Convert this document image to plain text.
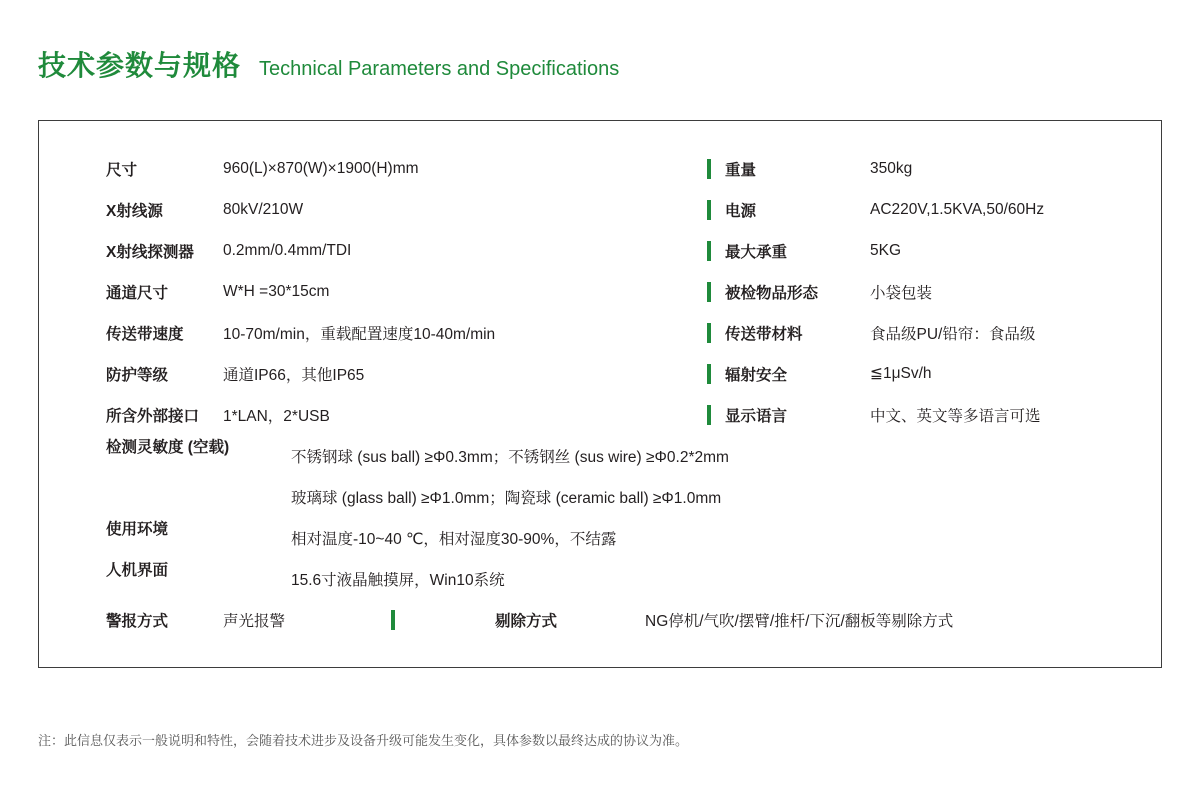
技术参数与规格 Technical Parameters and Specifications
尺寸	960(L)×870(W)×1900(H)mm	重量	350kg
X射线源	80kV/210W	电源	AC220V,1.5KVA,50/60Hz
X射线探测器 0.2mm/0.4mm/TDI	最大承重	5KG
通道尺寸	W*H =30*15cm	被检物品形态	小袋包装
传送带速度	10-70m/min，重载配置速度10-40m/min	传送带材料	食品级PU/铅帘：食品级
防护等级	通道IP66，其他IP65	辐射安全	≦1μSv/h
所含外部接口 1*LAN，2*USB	显示语言	中文、英文等多语言可选
检测灵敏度 (空载)
不锈钢球 (sus ball) ≥Φ0.3mm；不锈钢丝 (sus wire) ≥Φ0.2*2mm
玻璃球 (glass ball) ≥Φ1.0mm；陶瓷球 (ceramic ball) ≥Φ1.0mm
使用环境
相对温度-10~40 ℃，相对湿度30-90%，不结露
人机界面
15.6寸液晶触摸屏，Win10系统
警报方式	声光报警	剔除方式	NG停机/气吹/摆臂/推杆/下沉/翻板等剔除方式
注：此信息仅表示一般说明和特性，会随着技术进步及设备升级可能发生变化，具体参数以最终达成的协议为准。
